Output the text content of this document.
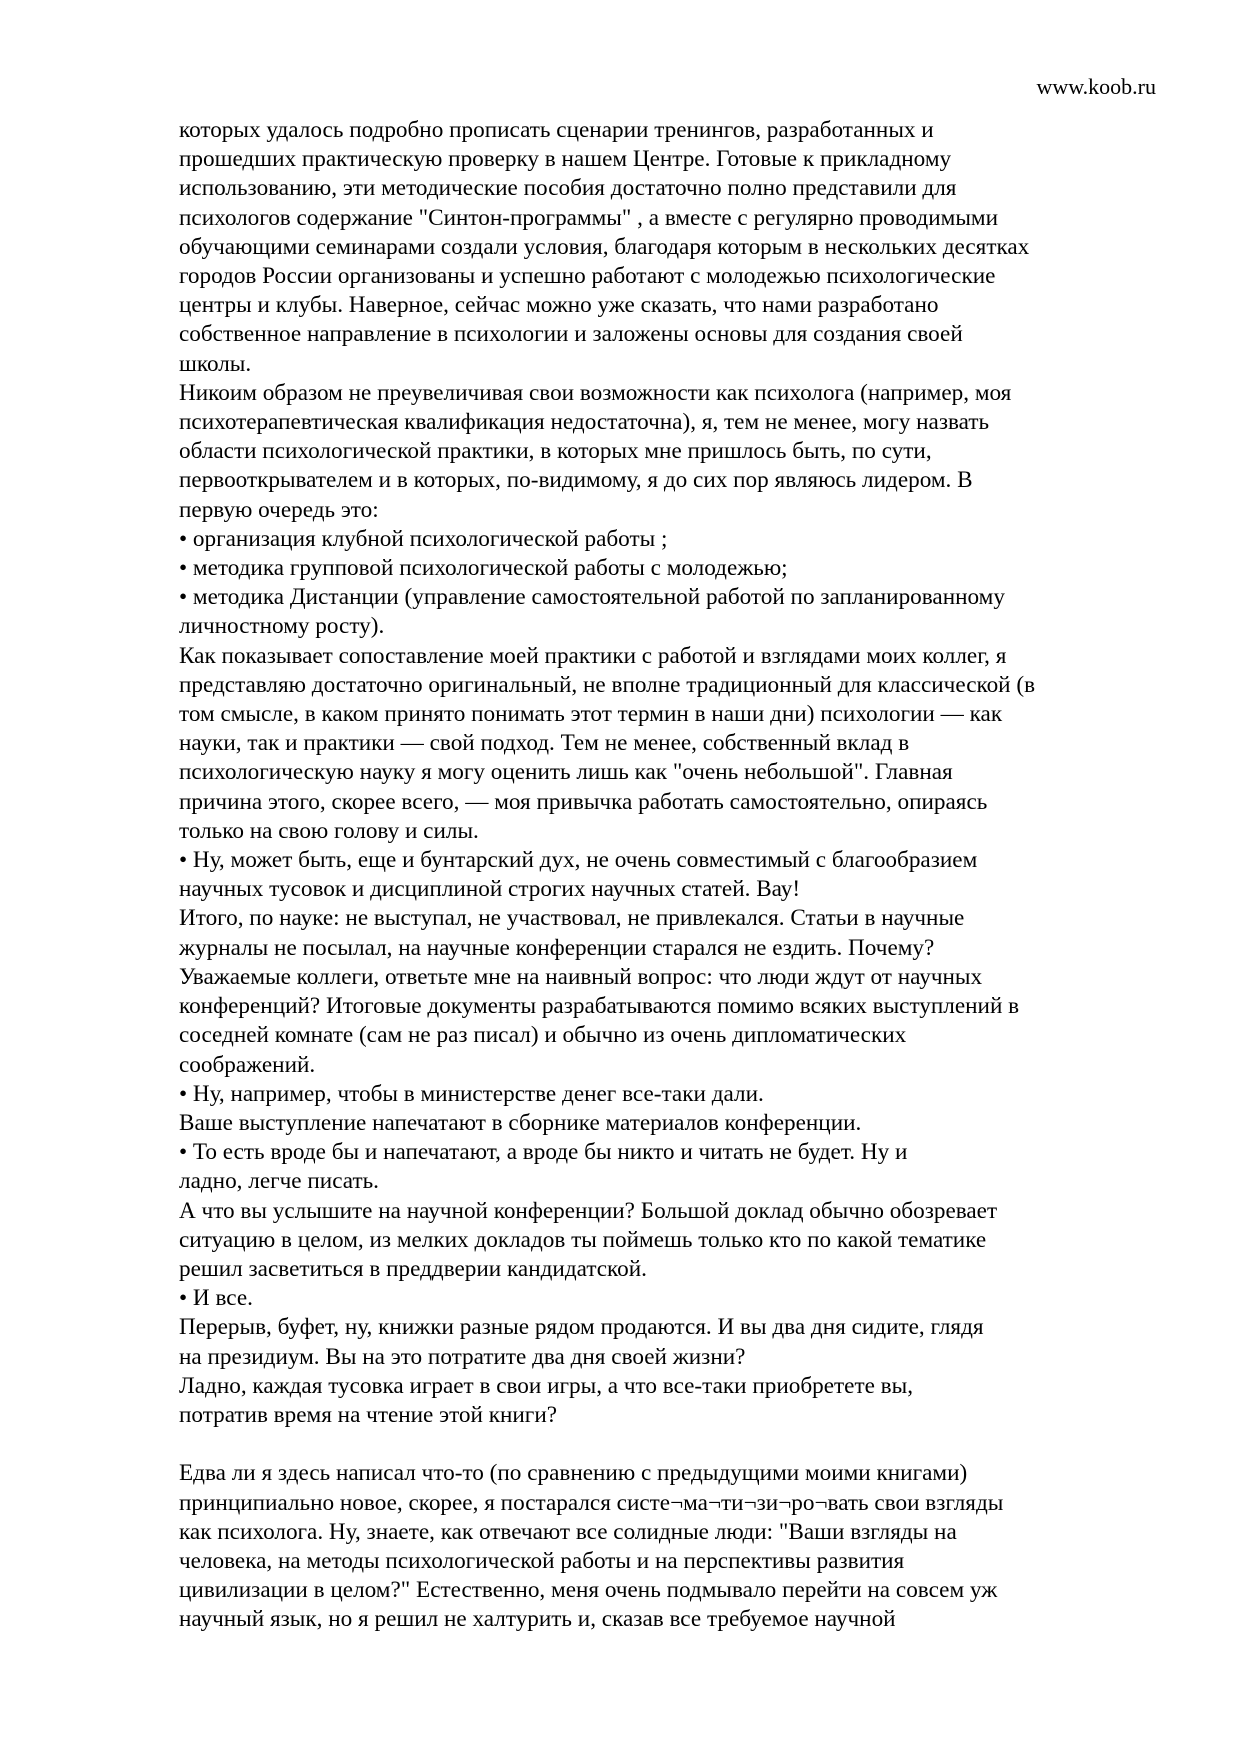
www.koob.ru
которых удалось подробно прописать сценарии тренингов, разработанных и
прошедших практическую проверку в нашем Центре. Готовые к прикладному
использованию, эти методические пособия достаточно полно представили для
психологов содержание "Синтон-программы" , а вместе с регулярно проводимыми
обучающими семинарами создали условия, благодаря которым в нескольких десятках
городов России организованы и успешно работают с молодежью психологические
центры и клубы. Наверное, сейчас можно уже сказать, что нами разработано
собственное направление в психологии и заложены основы для создания своей
школы.
Никоим образом не преувеличивая свои возможности как психолога (например, моя
психотерапевтическая квалификация недостаточна), я, тем не менее, могу назвать
области психологической практики, в которых мне пришлось быть, по сути,
первооткрывателем и в которых, по-видимому, я до сих пор являюсь лидером. В
первую очередь это:
• организация клубной психологической работы ;
• методика групповой психологической работы с молодежью;
• методика Дистанции (управление самостоятельной работой по запланированному
личностному росту).
Как показывает сопоставление моей практики с работой и взглядами моих коллег, я
представляю достаточно оригинальный, не вполне традиционный для классической (в
том смысле, в каком принято понимать этот термин в наши дни) психологии — как
науки, так и практики — свой подход. Тем не менее, собственный вклад в
психологическую науку я могу оценить лишь как "очень небольшой". Главная
причина этого, скорее всего, — моя привычка работать самостоятельно, опираясь
только на свою голову и силы.
• Ну, может быть, еще и бунтарский дух, не очень совместимый с благообразием
научных тусовок и дисциплиной строгих научных статей. Вау!
Итого, по науке: не выступал, не участвовал, не привлекался. Статьи в научные
журналы не посылал, на научные конференции старался не ездить. Почему?
Уважаемые коллеги, ответьте мне на наивный вопрос: что люди ждут от научных
конференций? Итоговые документы разрабатываются помимо всяких выступлений в
соседней комнате (сам не раз писал) и обычно из очень дипломатических
соображений.
• Ну, например, чтобы в министерстве денег все-таки дали.
Ваше выступление напечатают в сборнике материалов конференции.
• То есть вроде бы и напечатают, а вроде бы никто и читать не будет. Ну и
ладно, легче писать.
А что вы услышите на научной конференции? Большой доклад обычно обозревает
ситуацию в целом, из мелких докладов ты поймешь только кто по какой тематике
решил засветиться в преддверии кандидатской.
• И все.
Перерыв, буфет, ну, книжки разные рядом продаются. И вы два дня сидите, глядя
на президиум. Вы на это потратите два дня своей жизни?
Ладно, каждая тусовка играет в свои игры, а что все-таки приобретете вы,
потратив время на чтение этой книги?
Едва ли я здесь написал что-то (по сравнению с предыдущими моими книгами)
принципиально новое, скорее, я постарался систе¬ма¬ти¬зи¬ро¬вать свои взгляды
как психолога. Ну, знаете, как отвечают все солидные люди: "Ваши взгляды на
человека, на методы психологической работы и на перспективы развития
цивилизации в целом?" Естественно, меня очень подмывало перейти на совсем уж
научный язык, но я решил не халтурить и, сказав все требуемое научной
